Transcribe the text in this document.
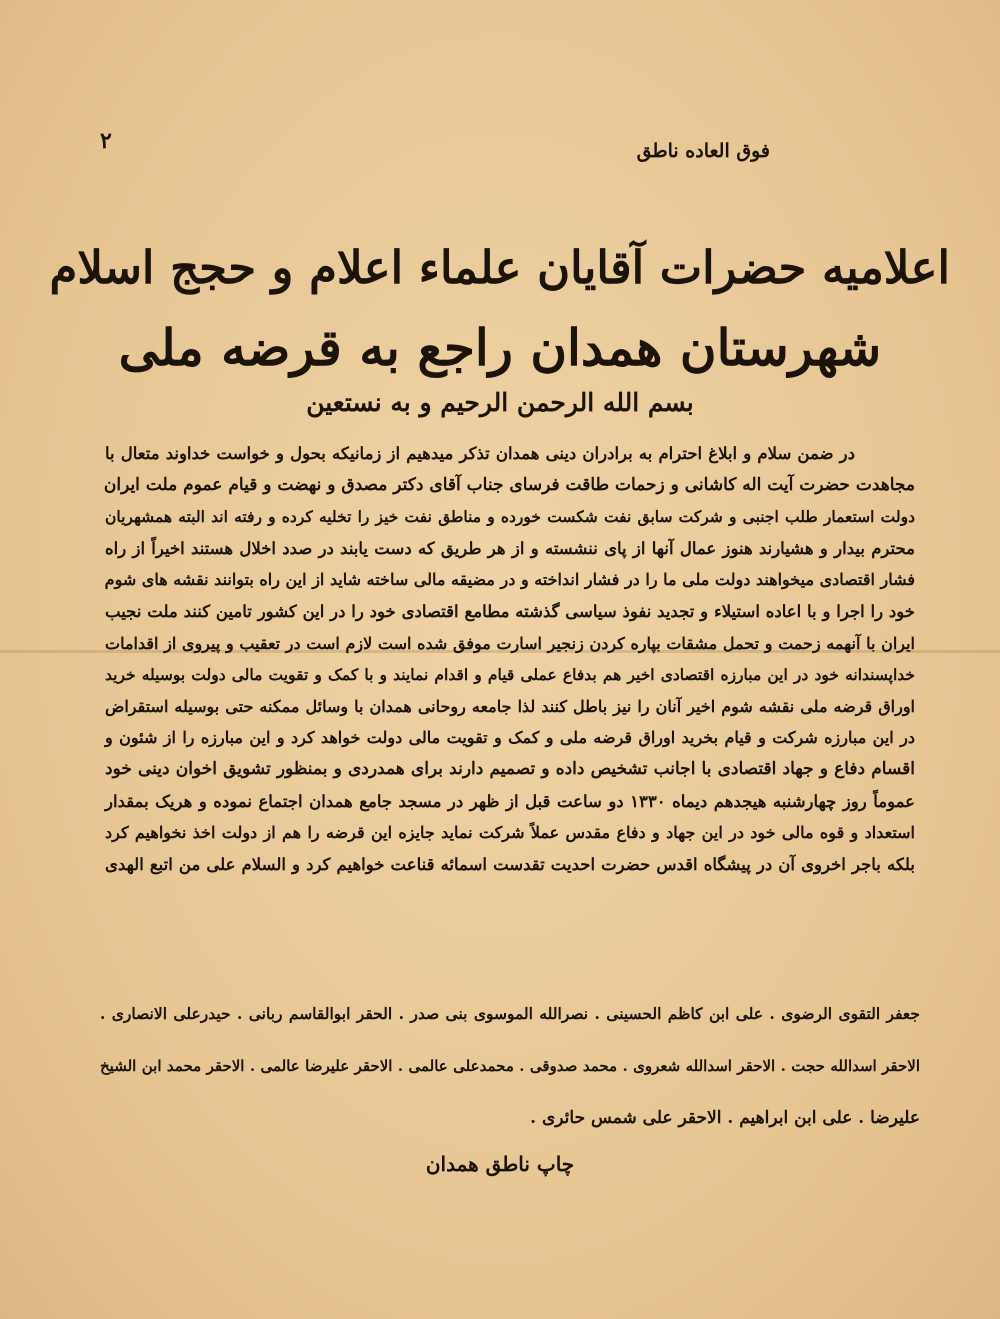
۲	فوق العاده ناطق
اعلامیه حضرات آقایان علماء اعلام و حجج اسلام
شهرستان همدان راجع به قرضه ملی
بسم الله الرحمن الرحیم و به نستعین
در ضمن سلام و ابلاغ احترام به برادران دینی همدان تذکر میدهیم از زمانیکه بحول و خواست خداوند متعال با
مجاهدت حضرت آیت اله کاشانی و زحمات طاقت فرسای جناب آقای دکتر مصدق و نهضت و قیام عموم ملت ایران
دولت استعمار طلب اجنبی و شرکت سابق نفت شکست خورده و مناطق نفت خیز را تخلیه کرده و رفته اند البته همشهریان
محترم بیدار و هشیارند هنوز عمال آنها از پای ننشسته و از هر طریق که دست یابند در صدد اخلال هستند اخیراً از راه
فشار اقتصادی میخواهند دولت ملی ما را در فشار انداخته و در مضیقه مالی ساخته شاید از این راه بتوانند نقشه های شوم
خود را اجرا و با اعاده استیلاء و تجدید نفوذ سیاسی گذشته مطامع اقتصادی خود را در این کشور تامین کنند ملت نجیب
ایران با آنهمه زحمت و تحمل مشقات بپاره کردن زنجیر اسارت موفق شده است لازم است در تعقیب و پیروی از اقدامات
خداپسندانه خود در این مبارزه اقتصادی اخیر هم بدفاع عملی قیام و اقدام نمایند و با کمک و تقویت مالی دولت بوسیله خرید
اوراق قرضه ملی نقشه شوم اخیر آنان را نیز باطل کنند لذا جامعه روحانی همدان با وسائل ممکنه حتی بوسیله استقراض
در این مبارزه شرکت و قیام بخرید اوراق قرضه ملی و کمک و تقویت مالی دولت خواهد کرد و این مبارزه را از شئون و
اقسام دفاع و جهاد اقتصادی با اجانب تشخیص داده و تصمیم دارند برای همدردی و بمنظور تشویق اخوان دینی خود
عموماً روز چهارشنبه هیجدهم دیماه ۱۳۳۰ دو ساعت قبل از ظهر در مسجد جامع همدان اجتماع نموده و هریک بمقدار
استعداد و قوه مالی خود در این جهاد و دفاع مقدس عملاً شرکت نماید جایزه این قرضه را هم از دولت اخذ نخواهیم کرد
بلکه باجر اخروی آن در پیشگاه اقدس حضرت احدیت تقدست اسمائه قناعت خواهیم کرد و السلام علی من اتبع الهدی
جعفر التقوی الرضوی . علی ابن کاظم الحسینی . نصرالله الموسوی بنی صدر . الحقر ابوالقاسم ربانی . حیدرعلی الانصاری .
الاحقر اسدالله حجت . الاحقر اسدالله شعروی . محمد صدوقی . محمدعلی عالمی . الاحقر علیرضا عالمی . الاحقر محمد ابن الشیخ
علیرضا . علی ابن ابراهیم . الاحقر علی شمس حائری .
چاپ ناطق همدان
